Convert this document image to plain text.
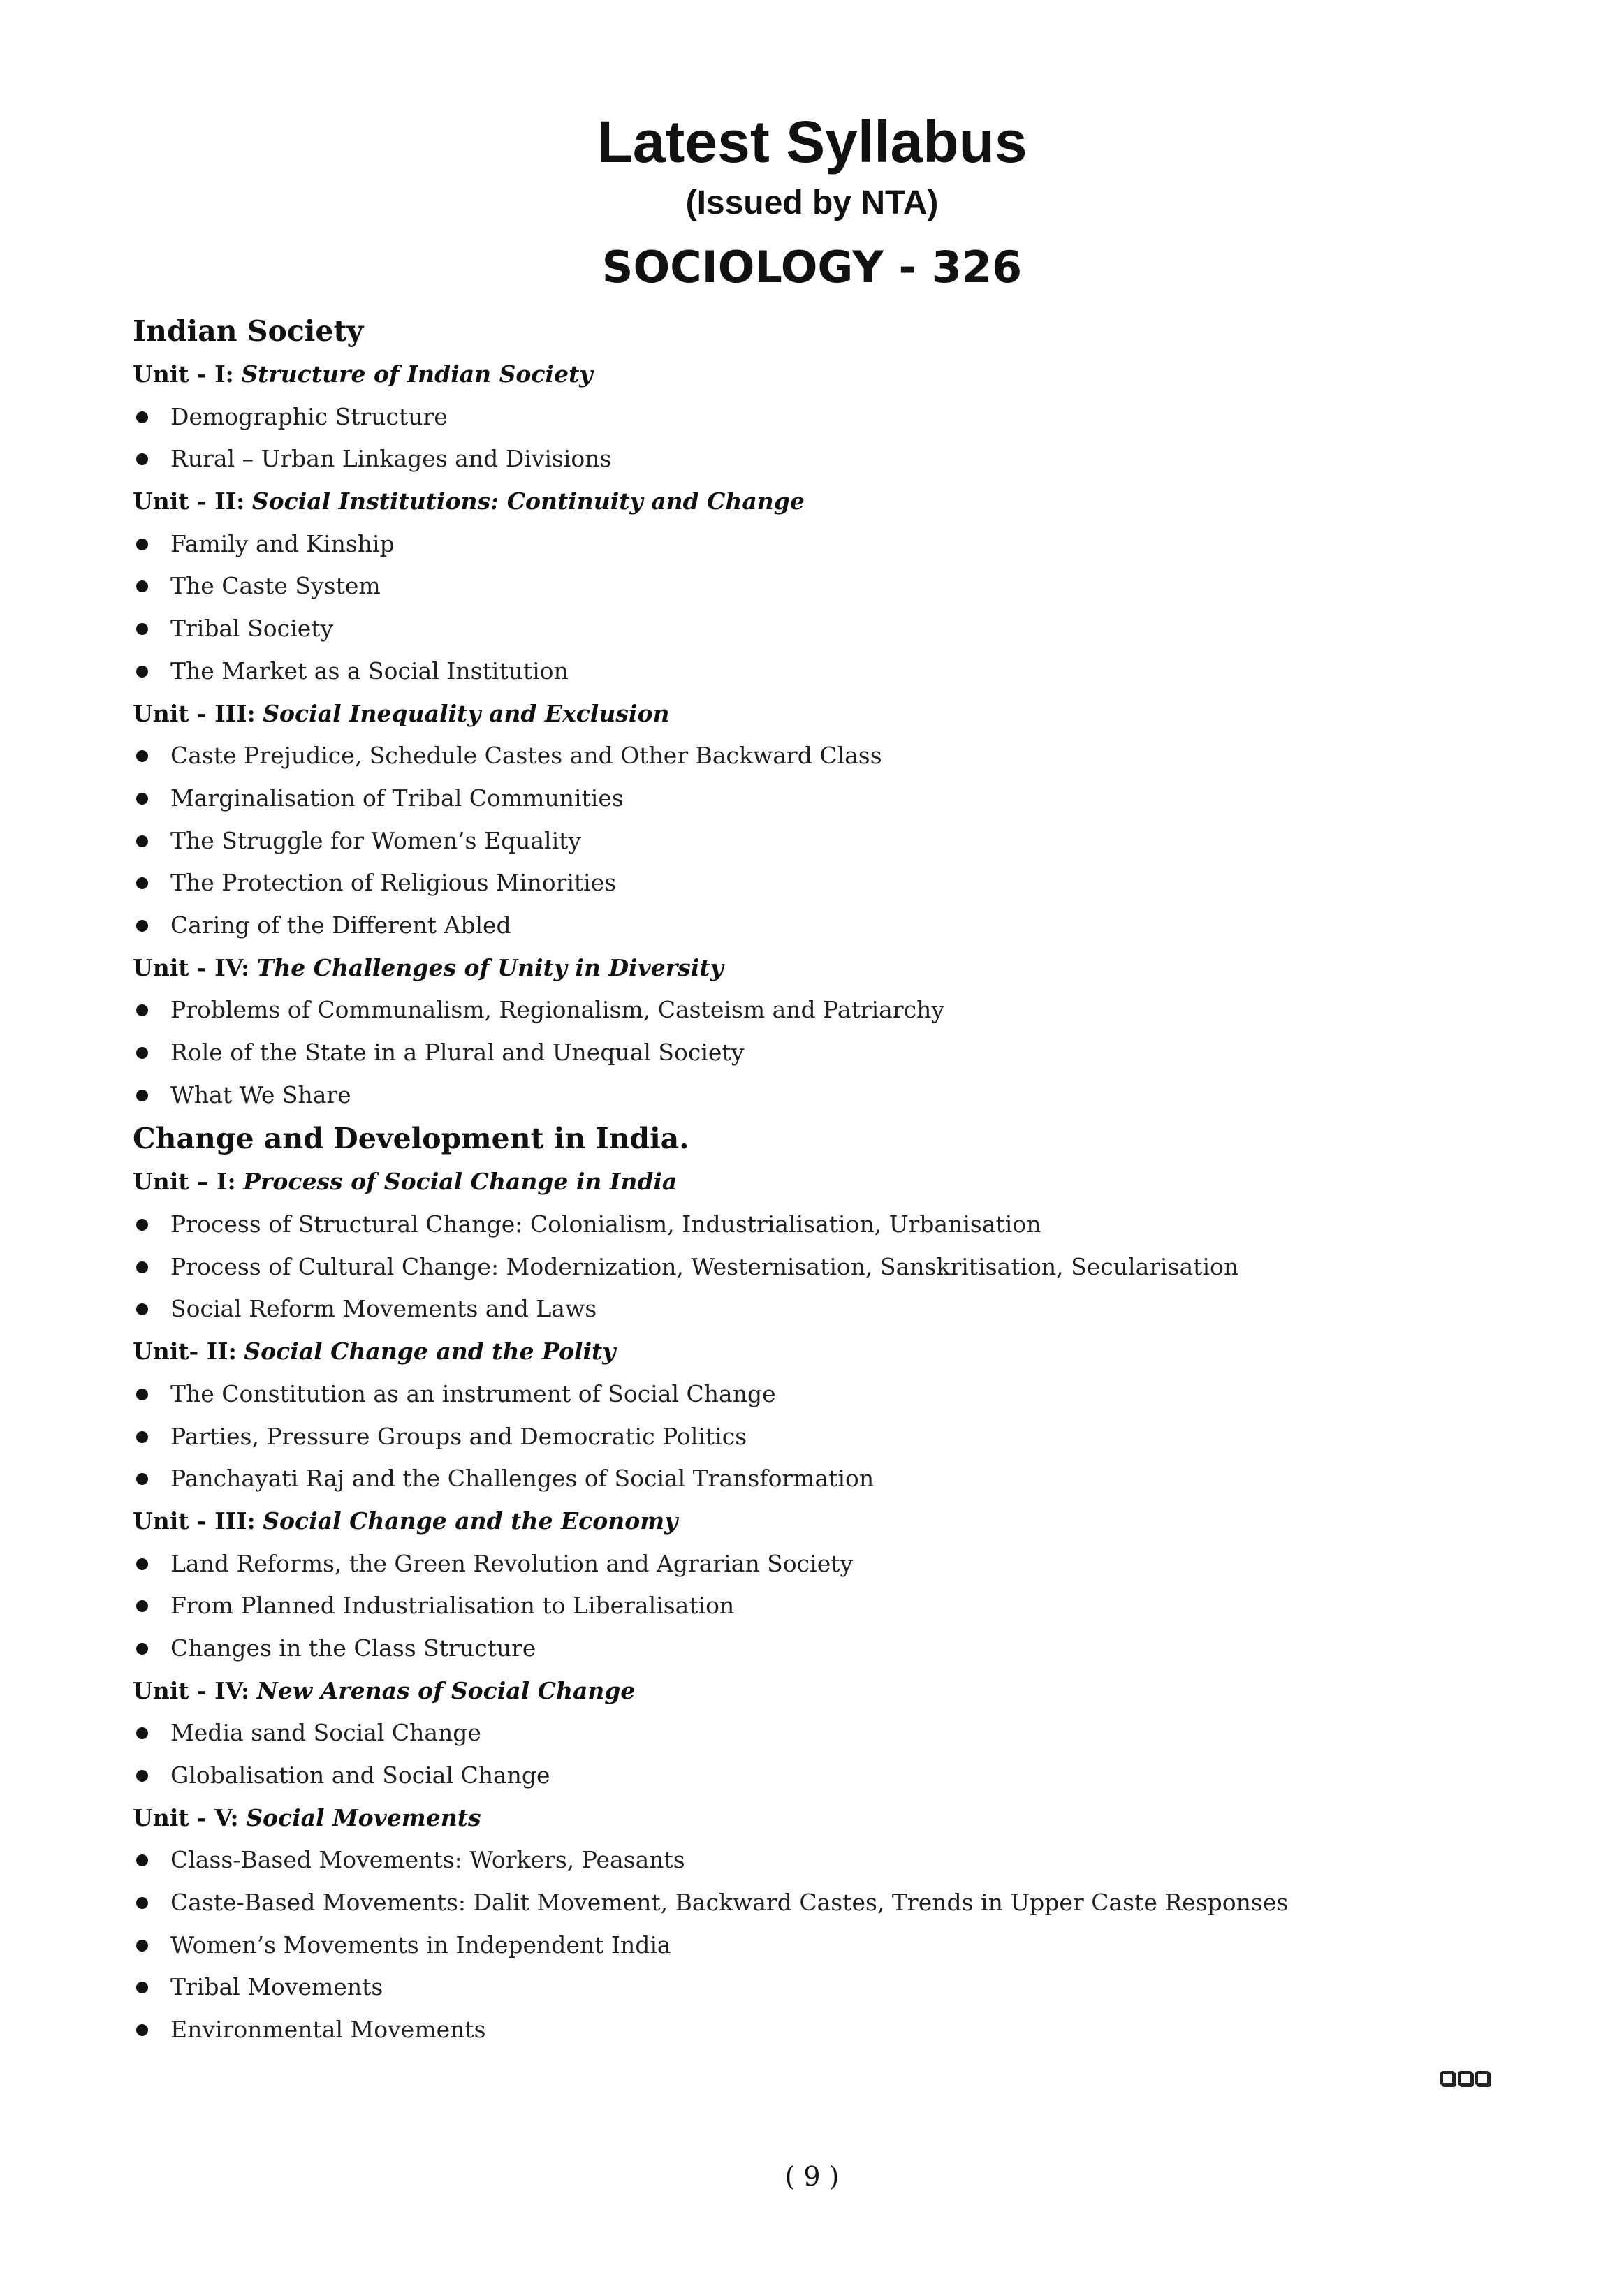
Latest Syllabus
(Issued by NTA)
SOCIOLOGY - 326
Indian Society
Unit - I: Structure of Indian Society
Demographic Structure
Rural – Urban Linkages and Divisions
Unit - II: Social Institutions: Continuity and Change
Family and Kinship
The Caste System
Tribal Society
The Market as a Social Institution
Unit - III: Social Inequality and Exclusion
Caste Prejudice, Schedule Castes and Other Backward Class
Marginalisation of Tribal Communities
The Struggle for Women’s Equality
The Protection of Religious Minorities
Caring of the Different Abled
Unit - IV: The Challenges of Unity in Diversity
Problems of Communalism, Regionalism, Casteism and Patriarchy
Role of the State in a Plural and Unequal Society
What We Share
Change and Development in India.
Unit – I: Process of Social Change in India
Process of Structural Change: Colonialism, Industrialisation, Urbanisation
Process of Cultural Change: Modernization, Westernisation, Sanskritisation, Secularisation
Social Reform Movements and Laws
Unit- II: Social Change and the Polity
The Constitution as an instrument of Social Change
Parties, Pressure Groups and Democratic Politics
Panchayati Raj and the Challenges of Social Transformation
Unit - III: Social Change and the Economy
Land Reforms, the Green Revolution and Agrarian Society
From Planned Industrialisation to Liberalisation
Changes in the Class Structure
Unit - IV: New Arenas of Social Change
Media sand Social Change
Globalisation and Social Change
Unit - V: Social Movements
Class-Based Movements: Workers, Peasants
Caste-Based Movements: Dalit Movement, Backward Castes, Trends in Upper Caste Responses
Women’s Movements in Independent India
Tribal Movements
Environmental Movements
( 9 )
